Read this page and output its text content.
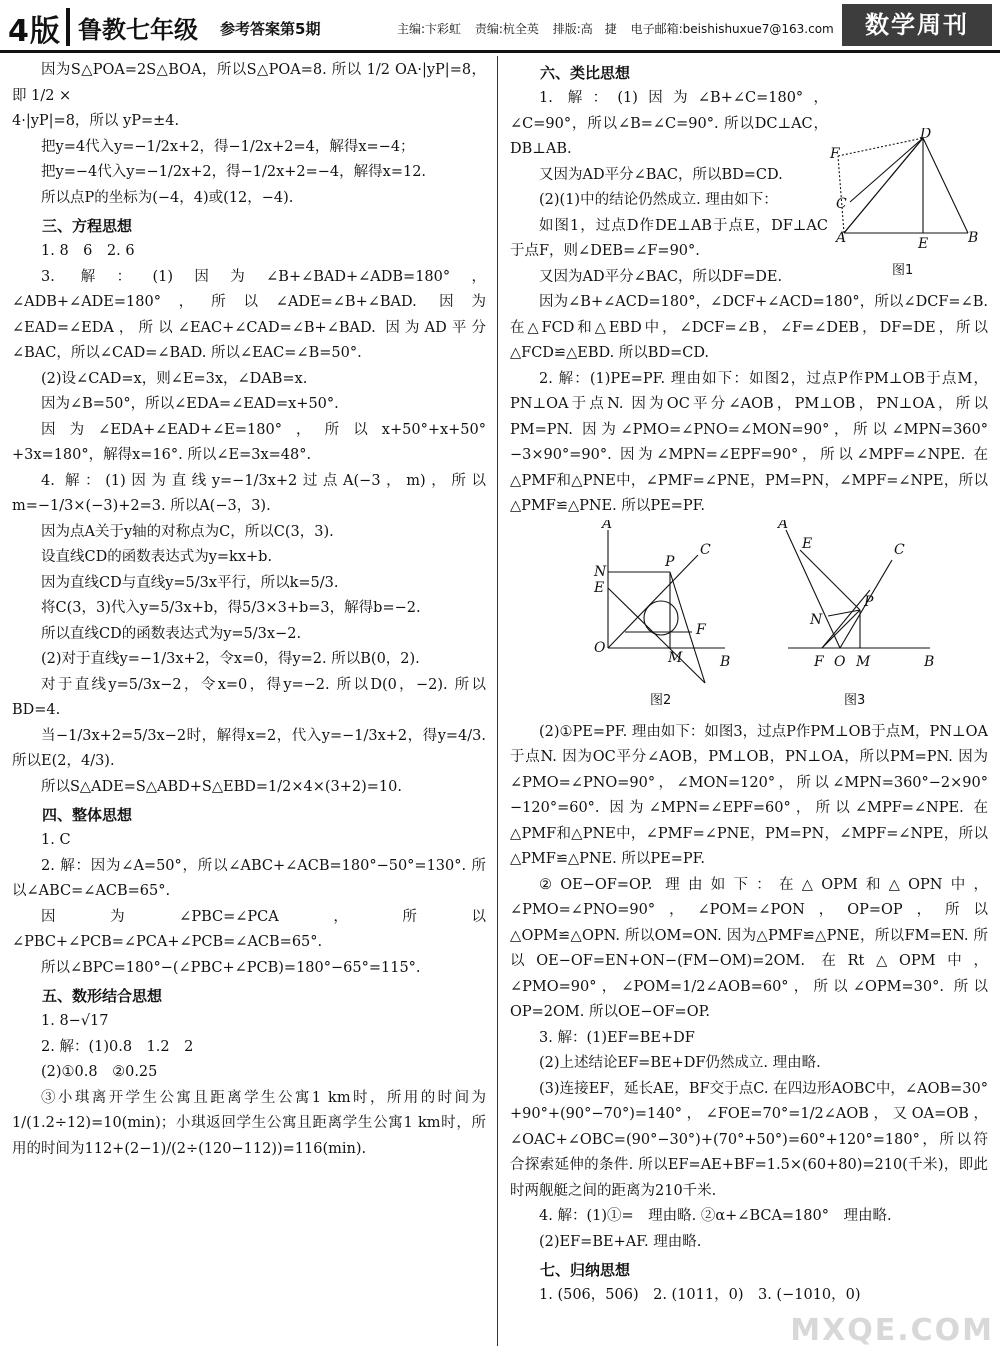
4版 鲁教七年级 参考答案第5期	主编:卞彩虹 责编:杭全英 排版:高　捷 电子邮箱:beishishuxue7@163.com	数学周刊

因为S△POA=2S△BOA，所以S△POA=8. 所以 1/2 OA·|yP|=8，即 1/2 ×

4·|yP|=8，所以 yP=±4.

把y=4代入y=−1/2x+2，得−1/2x+2=4，解得x=−4；

把y=−4代入y=−1/2x+2，得−1/2x+2=−4，解得x=12.

所以点P的坐标为(−4，4)或(12，−4).

三、方程思想

1. 8　6　2. 6

3. 解：(1)因为∠B+∠BAD+∠ADB=180°，∠ADB+∠ADE=180°，所以∠ADE=∠B+∠BAD. 因为∠EAD=∠EDA，所以∠EAC+∠CAD=∠B+∠BAD. 因为AD平分∠BAC，所以∠CAD=∠BAD. 所以∠EAC=∠B=50°.

(2)设∠CAD=x，则∠E=3x，∠DAB=x.

因为∠B=50°，所以∠EDA=∠EAD=x+50°.

因为∠EDA+∠EAD+∠E=180°，所以x+50°+x+50°+3x=180°，解得x=16°. 所以∠E=3x=48°.

4. 解：(1)因为直线y=−1/3x+2过点A(−3，m)，所以m=−1/3×(−3)+2=3. 所以A(−3，3).

因为点A关于y轴的对称点为C，所以C(3，3).

设直线CD的函数表达式为y=kx+b.

因为直线CD与直线y=5/3x平行，所以k=5/3.

将C(3，3)代入y=5/3x+b，得5/3×3+b=3，解得b=−2.

所以直线CD的函数表达式为y=5/3x−2.

(2)对于直线y=−1/3x+2，令x=0，得y=2. 所以B(0，2).

对于直线y=5/3x−2，令x=0，得y=−2. 所以D(0，−2). 所以BD=4.

当−1/3x+2=5/3x−2时，解得x=2，代入y=−1/3x+2，得y=4/3. 所以E(2，4/3).

所以S△ADE=S△ABD+S△EBD=1/2×4×(3+2)=10.

四、整体思想

1. C

2. 解：因为∠A=50°，所以∠ABC+∠ACB=180°−50°=130°. 所以∠ABC=∠ACB=65°.

因为∠PBC=∠PCA，所以∠PBC+∠PCB=∠PCA+∠PCB=∠ACB=65°.

所以∠BPC=180°−(∠PBC+∠PCB)=180°−65°=115°.

五、数形结合思想

1. 8−√17

2. 解：(1)0.8　1.2　2

(2)①0.8　②0.25

③小琪离开学生公寓且距离学生公寓1 km时，所用的时间为 1/(1.2÷12)=10(min)；小琪返回学生公寓且距离学生公寓1 km时，所用的时间为112+(2−1)/(2÷(120−112))=116(min).

六、类比思想

1. 解：(1)因为∠B+∠C=180°，∠C=90°，所以∠B=∠C=90°. 所以DC⊥AC，DB⊥AB.

又因为AD平分∠BAC，所以BD=CD.

(2)(1)中的结论仍然成立. 理由如下：

如图1，过点D作DE⊥AB于点E，DF⊥AC于点F，则∠DEB=∠F=90°.

又因为AD平分∠BAC，所以DF=DE.

因为∠B+∠ACD=180°，∠DCF+∠ACD=180°，所以∠DCF=∠B. 在△FCD和△EBD中，∠DCF=∠B，∠F=∠DEB，DF=DE，所以△FCD≌△EBD. 所以BD=CD.

2. 解：(1)PE=PF. 理由如下：如图2，过点P作PM⊥OB于点M，PN⊥OA于点N. 因为OC平分∠AOB，PM⊥OB，PN⊥OA，所以PM=PN. 因为∠PMO=∠PNO=∠MON=90°，所以∠MPN=360°−3×90°=90°. 因为∠MPN=∠EPF=90°，所以∠MPF=∠NPE. 在△PMF和△PNE中，∠PMF=∠PNE，PM=PN，∠MPF=∠NPE，所以△PMF≌△PNE. 所以PE=PF.

A
N
E
O
P
C
F
M	B
图2
A
E	C
P
N
F O M	B
图3

(2)①PE=PF. 理由如下：如图3，过点P作PM⊥OB于点M，PN⊥OA于点N. 因为OC平分∠AOB，PM⊥OB，PN⊥OA，所以PM=PN. 因为∠PMO=∠PNO=90°，∠MON=120°，所以∠MPN=360°−2×90°−120°=60°. 因为∠MPN=∠EPF=60°，所以∠MPF=∠NPE. 在△PMF和△PNE中，∠PMF=∠PNE，PM=PN，∠MPF=∠NPE，所以△PMF≌△PNE. 所以PE=PF.

②OE−OF=OP. 理由如下：在△OPM和△OPN中，∠PMO=∠PNO=90°，∠POM=∠PON，OP=OP，所以△OPM≌△OPN. 所以OM=ON. 因为△PMF≌△PNE，所以FM=EN. 所以OE−OF=EN+ON−(FM−OM)=2OM. 在Rt△OPM中，∠PMO=90°，∠POM=1/2∠AOB=60°，所以∠OPM=30°. 所以OP=2OM. 所以OE−OF=OP.

3. 解：(1)EF=BE+DF

(2)上述结论EF=BE+DF仍然成立. 理由略.

(3)连接EF，延长AE，BF交于点C. 在四边形AOBC中，∠AOB=30°+90°+(90°−70°)=140°，∠FOE=70°=1/2∠AOB，又OA=OB，∠OAC+∠OBC=(90°−30°)+(70°+50°)=60°+120°=180°，所以符合探索延伸的条件. 所以EF=AE+BF=1.5×(60+80)=210(千米)，即此时两舰艇之间的距离为210千米.

4. 解：(1)①=　理由略. ②α+∠BCA=180°　理由略.

(2)EF=BE+AF. 理由略.

七、归纳思想

1. (506，506)　2. (1011，0)　3. (−1010，0)

D
F
C
A	E	B
图1
MXQE.COM
